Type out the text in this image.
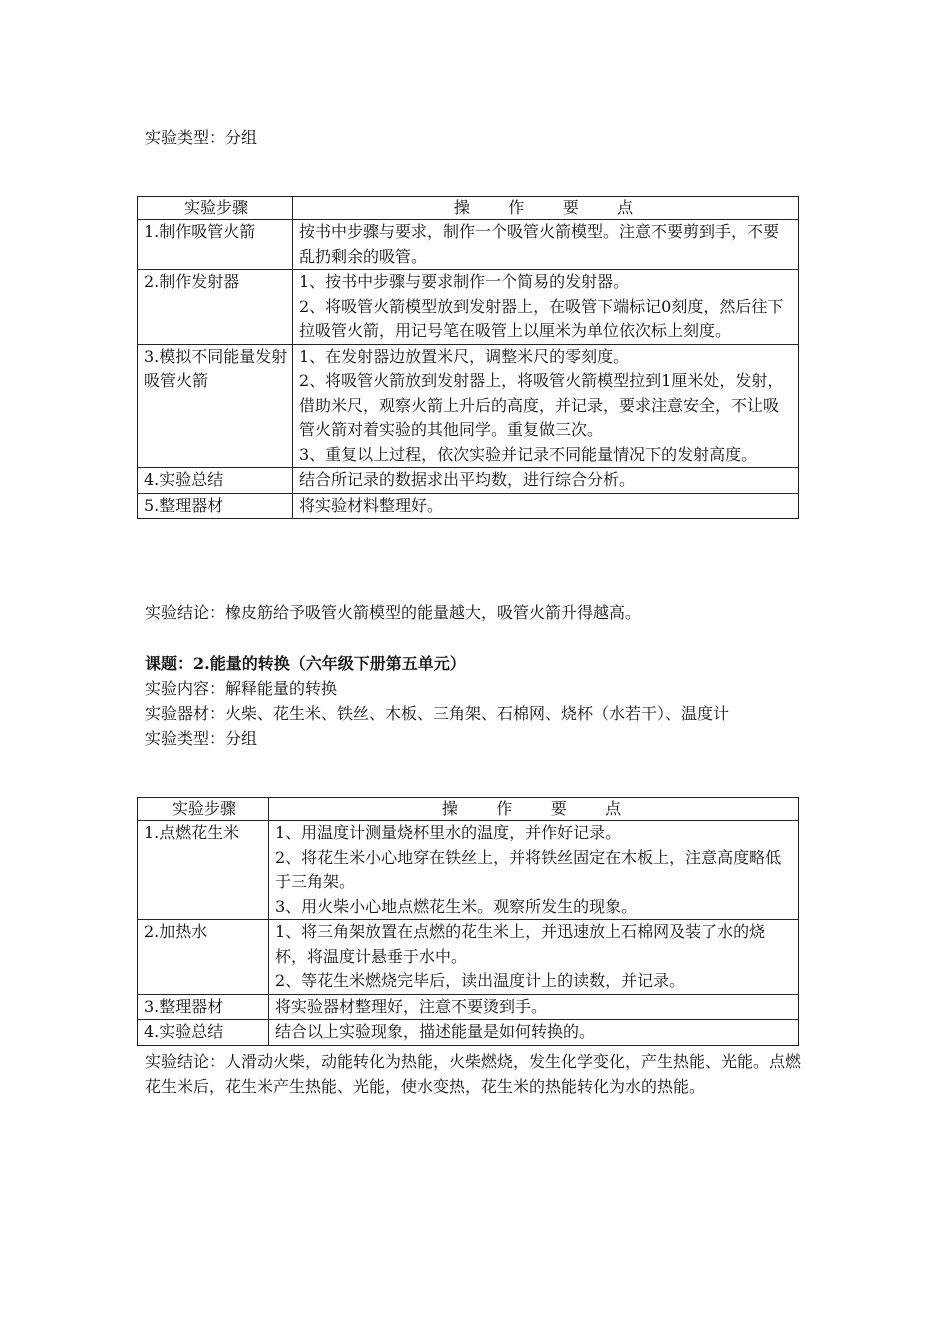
实验类型：分组
实验步骤	操作要点
1.制作吸管火箭	按书中步骤与要求，制作一个吸管火箭模型。注意不要剪到手，不要乱扔剩余的吸管。

2.制作发射器	1、按书中步骤与要求制作一个简易的发射器。
2、将吸管火箭模型放到发射器上，在吸管下端标记0刻度，然后往下拉吸管火箭，用记号笔在吸管上以厘米为单位依次标上刻度。

3.模拟不同能量发射吸管火箭	1、在发射器边放置米尺，调整米尺的零刻度。
2、将吸管火箭放到发射器上，将吸管火箭模型拉到1厘米处，发射，借助米尺，观察火箭上升后的高度，并记录，要求注意安全，不让吸管火箭对着实验的其他同学。重复做三次。
3、重复以上过程，依次实验并记录不同能量情况下的发射高度。

4.实验总结	结合所记录的数据求出平均数，进行综合分析。

5.整理器材	将实验材料整理好。
实验结论：橡皮筋给予吸管火箭模型的能量越大，吸管火箭升得越高。
课题：2.能量的转换（六年级下册第五单元）
实验内容：解释能量的转换
实验器材：火柴、花生米、铁丝、木板、三角架、石棉网、烧杯（水若干）、温度计
实验类型：分组
实验步骤	操作要点
1.点燃花生米	1、用温度计测量烧杯里水的温度，并作好记录。
2、将花生米小心地穿在铁丝上，并将铁丝固定在木板上，注意高度略低于三角架。
3、用火柴小心地点燃花生米。观察所发生的现象。

2.加热水	1、将三角架放置在点燃的花生米上，并迅速放上石棉网及装了水的烧杯，将温度计悬垂于水中。
2、等花生米燃烧完毕后，读出温度计上的读数，并记录。

3.整理器材	将实验器材整理好，注意不要烫到手。

4.实验总结	结合以上实验现象，描述能量是如何转换的。
实验结论：人滑动火柴，动能转化为热能，火柴燃烧，发生化学变化，产生热能、光能。点燃花生米后，花生米产生热能、光能，使水变热，花生米的热能转化为水的热能。
